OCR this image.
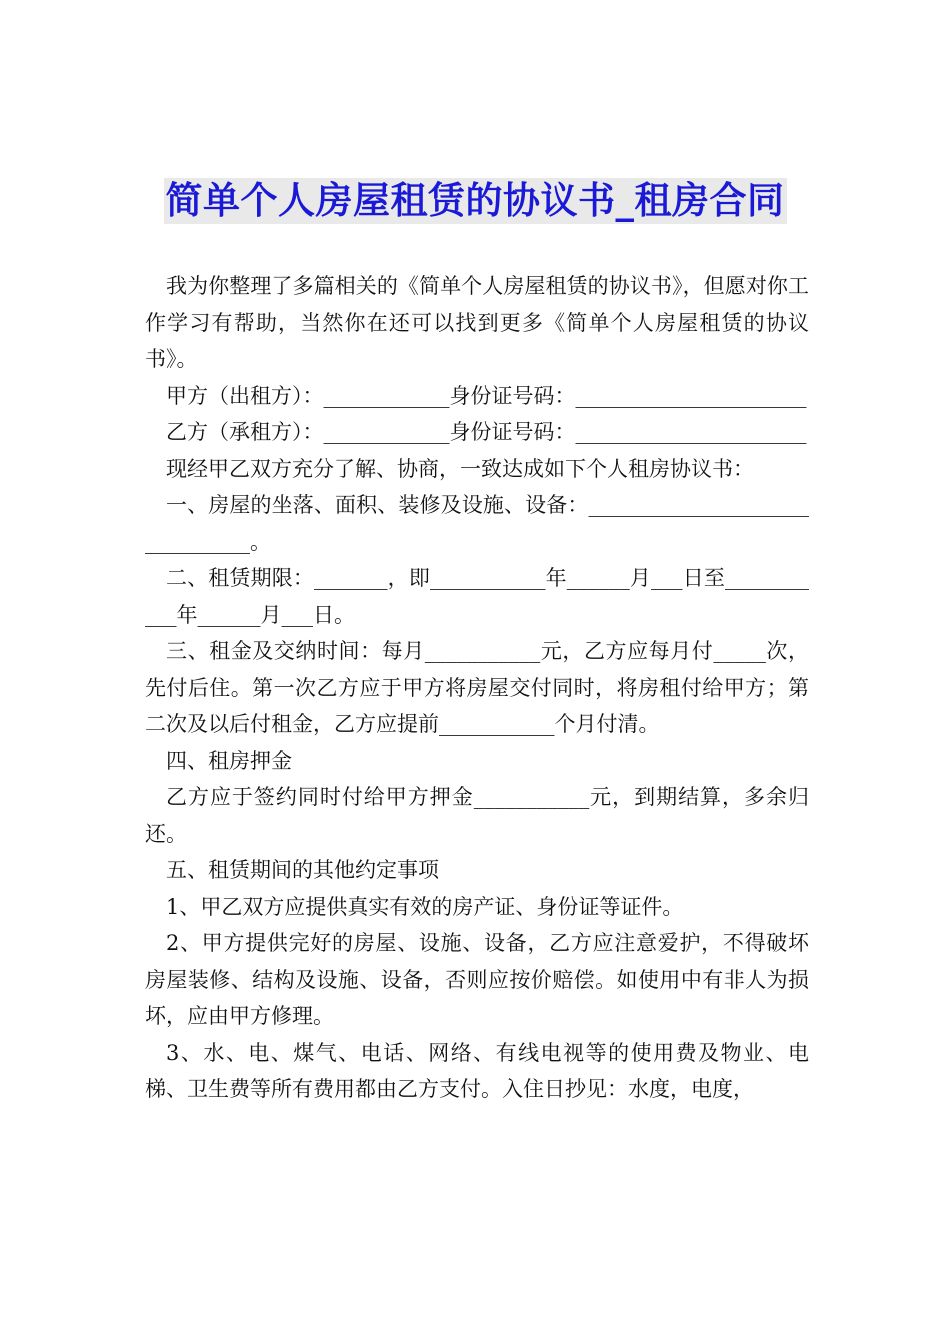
简单个人房屋租赁的协议书_租房合同

我为你整理了多篇相关的《简单个人房屋租赁的协议书》，但愿对你工作学习有帮助，当然你在还可以找到更多《简单个人房屋租赁的协议书》。

甲方（出租方）：____________身份证号码：______________________

乙方（承租方）：____________身份证号码：______________________

现经甲乙双方充分了解、协商，一致达成如下个人租房协议书：

一、房屋的坐落、面积、装修及设施、设备：_______________________________。

二、租赁期限：_______，即___________年______月___日至___________年______月___日。

三、租金及交纳时间：每月___________元，乙方应每月付_____次，先付后住。第一次乙方应于甲方将房屋交付同时，将房租付给甲方；第二次及以后付租金，乙方应提前___________个月付清。

四、租房押金

乙方应于签约同时付给甲方押金___________元，到期结算，多余归还。

五、租赁期间的其他约定事项

1、甲乙双方应提供真实有效的房产证、身份证等证件。

2、甲方提供完好的房屋、设施、设备，乙方应注意爱护，不得破坏房屋装修、结构及设施、设备，否则应按价赔偿。如使用中有非人为损坏，应由甲方修理。

3、水、电、煤气、电话、网络、有线电视等的使用费及物业、电梯、卫生费等所有费用都由乙方支付。入住日抄见：水度，电度，
